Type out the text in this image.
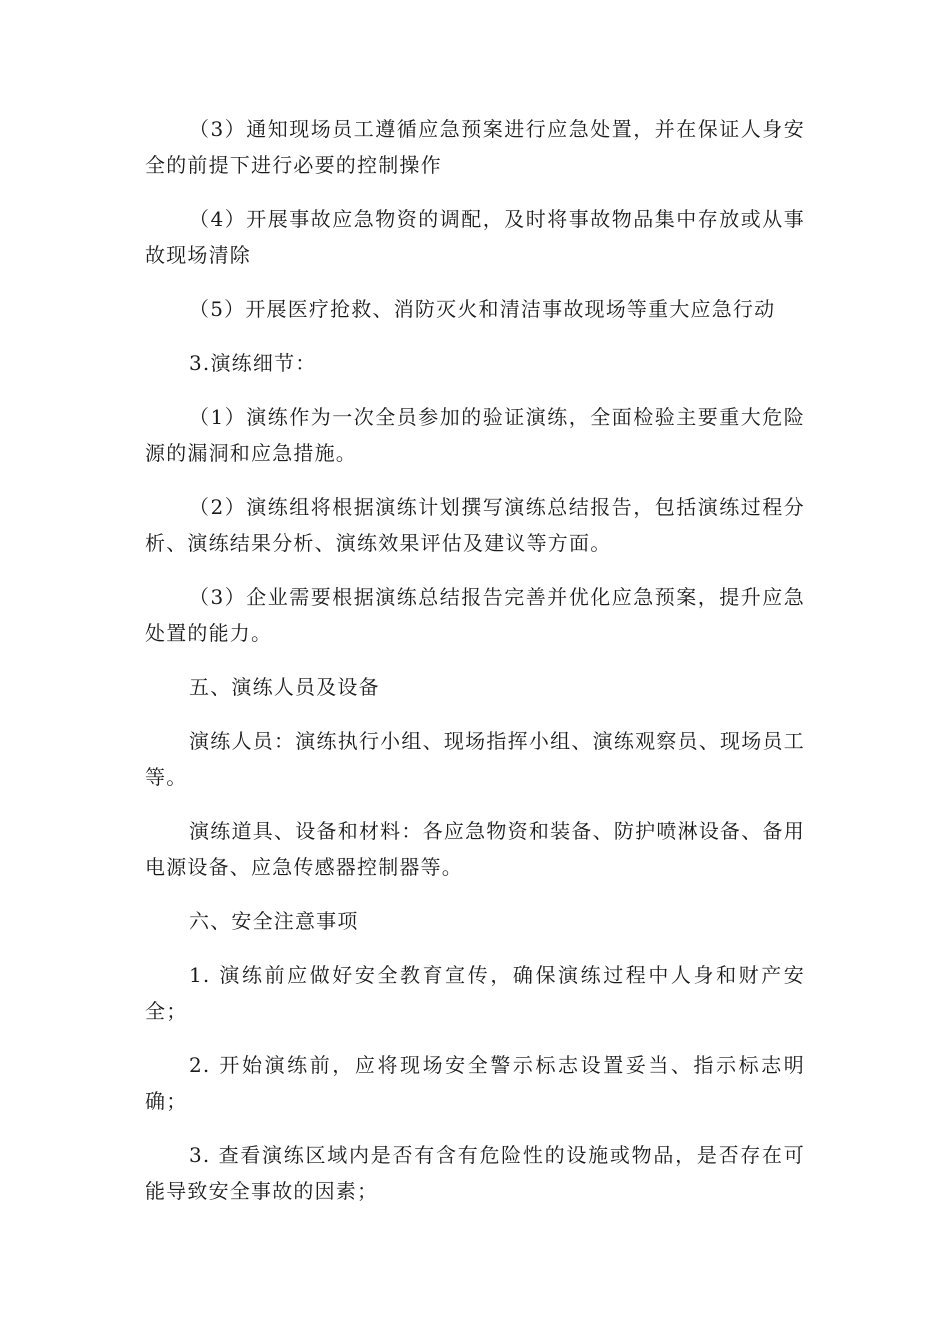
（3）通知现场员工遵循应急预案进行应急处置，并在保证人身安全的前提下进行必要的控制操作

（4）开展事故应急物资的调配，及时将事故物品集中存放或从事故现场清除

（5）开展医疗抢救、消防灭火和清洁事故现场等重大应急行动

3.演练细节：

（1）演练作为一次全员参加的验证演练，全面检验主要重大危险源的漏洞和应急措施。

（2）演练组将根据演练计划撰写演练总结报告，包括演练过程分析、演练结果分析、演练效果评估及建议等方面。

（3）企业需要根据演练总结报告完善并优化应急预案，提升应急处置的能力。

五、演练人员及设备

演练人员：演练执行小组、现场指挥小组、演练观察员、现场员工等。

演练道具、设备和材料：各应急物资和装备、防护喷淋设备、备用电源设备、应急传感器控制器等。

六、安全注意事项

1. 演练前应做好安全教育宣传，确保演练过程中人身和财产安全；

2. 开始演练前，应将现场安全警示标志设置妥当、指示标志明确；

3. 查看演练区域内是否有含有危险性的设施或物品，是否存在可能导致安全事故的因素；
